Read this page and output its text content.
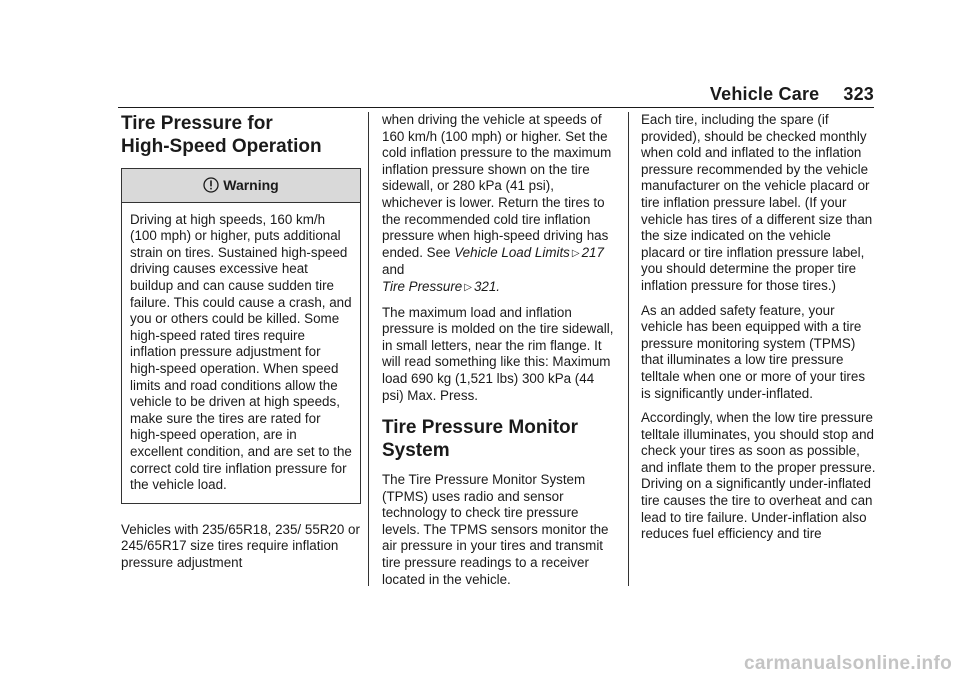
Vehicle Care 323
Tire Pressure for
High-Speed Operation
Warning
Driving at high speeds, 160 km/h (100 mph) or higher, puts additional strain on tires. Sustained high-speed driving causes excessive heat buildup and can cause sudden tire failure. This could cause a crash, and you or others could be killed. Some high-speed rated tires require inflation pressure adjustment for high-speed operation. When speed limits and road conditions allow the vehicle to be driven at high speeds, make sure the tires are rated for high-speed operation, are in excellent condition, and are set to the correct cold tire inflation pressure for the vehicle load.

Vehicles with 235/65R18, 235/ 55R20 or 245/65R17 size tires require inflation pressure adjustment

when driving the vehicle at speeds of 160 km/h (100 mph) or higher. Set the cold inflation pressure to the maximum inflation pressure shown on the tire sidewall, or 280 kPa (41 psi), whichever is lower. Return the tires to the recommended cold tire inflation pressure when high-speed driving has ended. See Vehicle Load Limits ▷ 217 and
Tire Pressure ▷ 321.

The maximum load and inflation pressure is molded on the tire sidewall, in small letters, near the rim flange. It will read something like this: Maximum load 690 kg (1,521 lbs) 300 kPa (44 psi) Max. Press.

Tire Pressure Monitor
System

The Tire Pressure Monitor System (TPMS) uses radio and sensor technology to check tire pressure levels. The TPMS sensors monitor the air pressure in your tires and transmit tire pressure readings to a receiver located in the vehicle.

Each tire, including the spare (if provided), should be checked monthly when cold and inflated to the inflation pressure recommended by the vehicle manufacturer on the vehicle placard or tire inflation pressure label. (If your vehicle has tires of a different size than the size indicated on the vehicle placard or tire inflation pressure label, you should determine the proper tire inflation pressure for those tires.)

As an added safety feature, your vehicle has been equipped with a tire pressure monitoring system (TPMS) that illuminates a low tire pressure telltale when one or more of your tires is significantly under-inflated.

Accordingly, when the low tire pressure telltale illuminates, you should stop and check your tires as soon as possible, and inflate them to the proper pressure. Driving on a significantly under-inflated tire causes the tire to overheat and can lead to tire failure. Under-inflation also reduces fuel efficiency and tire

carmanualsonline.info
